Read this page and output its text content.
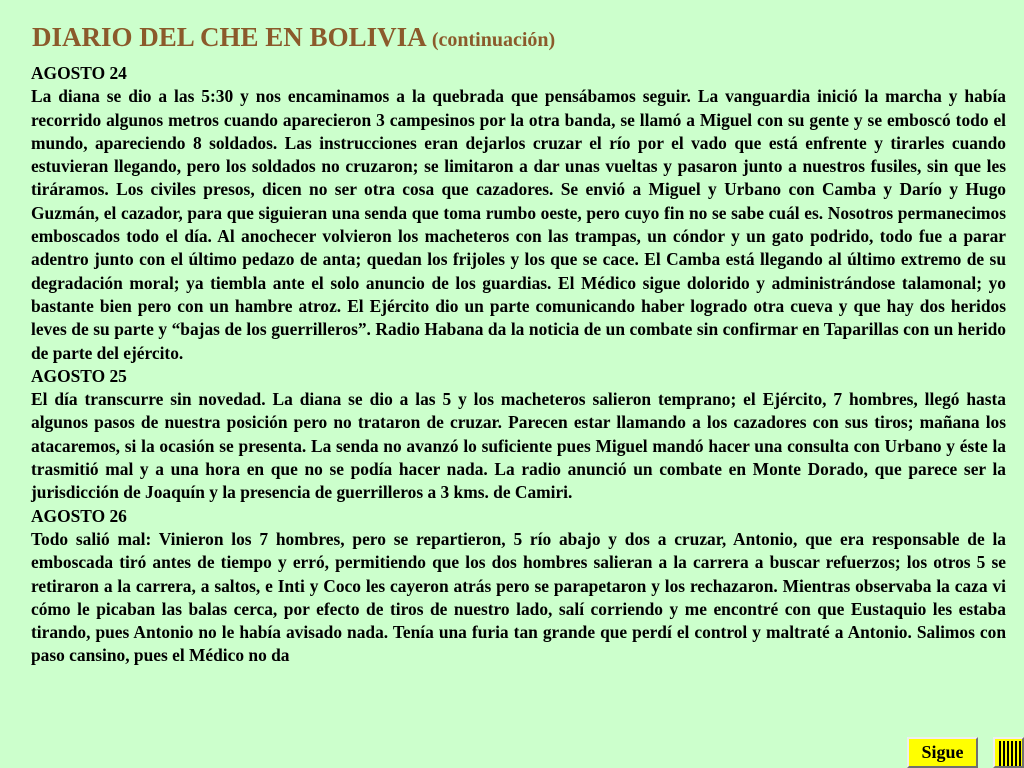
DIARIO DEL CHE EN BOLIVIA (continuación)
AGOSTO 24

La diana se dio a las 5:30 y nos encaminamos a la quebrada que pensábamos seguir. La vanguardia inició la marcha y había recorrido algunos metros cuando aparecieron 3 campesinos por la otra banda, se llamó a Miguel con su gente y se emboscó todo el mundo, apareciendo 8 soldados. Las instrucciones eran dejarlos cruzar el río por el vado que está enfrente y tirarles cuando estuvieran llegando, pero los soldados no cruzaron; se limitaron a dar unas vueltas y pasaron junto a nuestros fusiles, sin que les tiráramos. Los civiles presos, dicen no ser otra cosa que cazadores. Se envió a Miguel y Urbano con Camba y Darío y Hugo Guzmán, el cazador, para que siguieran una senda que toma rumbo oeste, pero cuyo fin no se sabe cuál es. Nosotros permanecimos emboscados todo el día. Al anochecer volvieron los macheteros con las trampas, un cóndor y un gato podrido, todo fue a parar adentro junto con el último pedazo de anta; quedan los frijoles y los que se cace. El Camba está llegando al último extremo de su degradación moral; ya tiembla ante el solo anuncio de los guardias. El Médico sigue dolorido y administrándose talamonal; yo bastante bien pero con un hambre atroz. El Ejército dio un parte comunicando haber logrado otra cueva y que hay dos heridos leves de su parte y “bajas de los guerrilleros”. Radio Habana da la noticia de un combate sin confirmar en Taparillas con un herido de parte del ejército.

AGOSTO 25

El día transcurre sin novedad. La diana se dio a las 5 y los macheteros salieron temprano; el Ejército, 7 hombres, llegó hasta algunos pasos de nuestra posición pero no trataron de cruzar. Parecen estar llamando a los cazadores con sus tiros; mañana los atacaremos, si la ocasión se presenta. La senda no avanzó lo suficiente pues Miguel mandó hacer una consulta con Urbano y éste la trasmitió mal y a una hora en que no se podía hacer nada. La radio anunció un combate en Monte Dorado, que parece ser la jurisdicción de Joaquín y la presencia de guerrilleros a 3 kms. de Camiri.

AGOSTO 26

Todo salió mal: Vinieron los 7 hombres, pero se repartieron, 5 río abajo y dos a cruzar, Antonio, que era responsable de la emboscada tiró antes de tiempo y erró, permitiendo que los dos hombres salieran a la carrera a buscar refuerzos; los otros 5 se retiraron a la carrera, a saltos, e Inti y Coco les cayeron atrás pero se parapetaron y los rechazaron. Mientras observaba la caza vi cómo le picaban las balas cerca, por efecto de tiros de nuestro lado, salí corriendo y me encontré con que Eustaquio les estaba tirando, pues Antonio no le había avisado nada. Tenía una furia tan grande que perdí el control y maltraté a Antonio. Salimos con paso cansino, pues el Médico no da

Sigue
